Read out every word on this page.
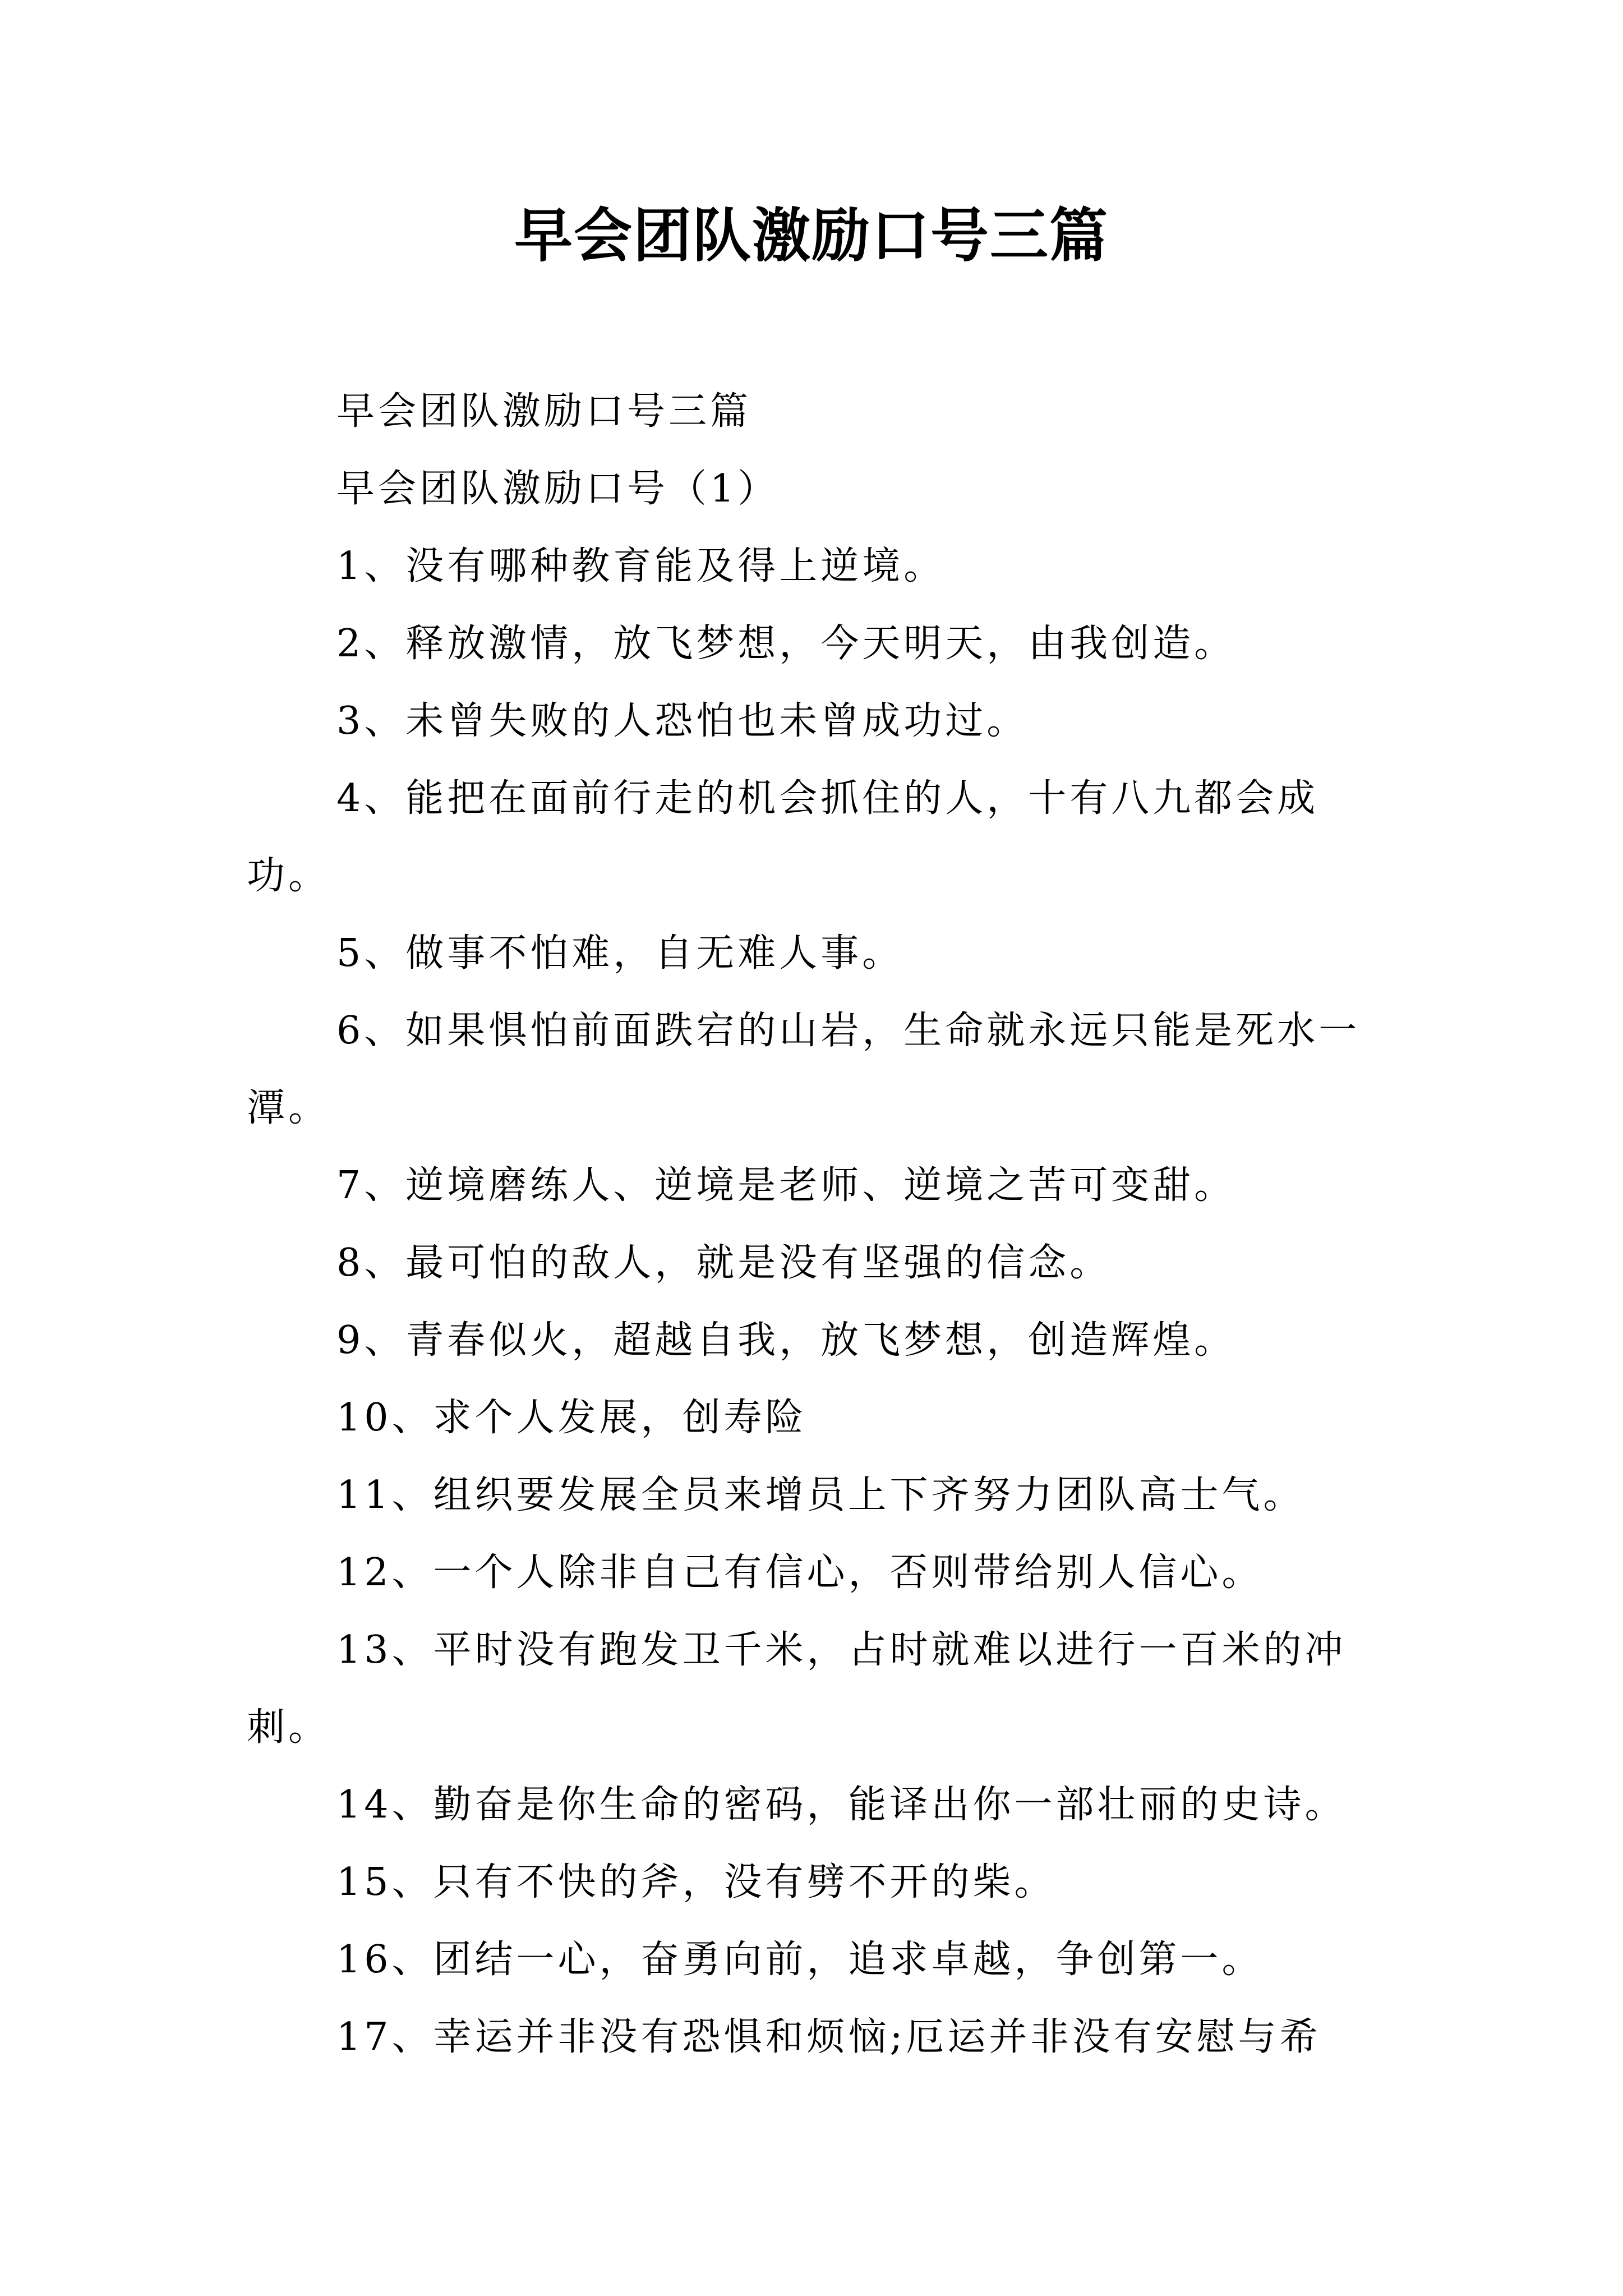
早会团队激励口号三篇

早会团队激励口号三篇

早会团队激励口号（1）

1、没有哪种教育能及得上逆境。

2、释放激情，放飞梦想，今天明天，由我创造。

3、未曾失败的人恐怕也未曾成功过。

4、能把在面前行走的机会抓住的人，十有八九都会成功。

5、做事不怕难，自无难人事。

6、如果惧怕前面跌宕的山岩，生命就永远只能是死水一潭。

7、逆境磨练人、逆境是老师、逆境之苦可变甜。

8、最可怕的敌人，就是没有坚强的信念。

9、青春似火，超越自我，放飞梦想，创造辉煌。

10、求个人发展，创寿险

11、组织要发展全员来增员上下齐努力团队高士气。

12、一个人除非自己有信心，否则带给别人信心。

13、平时没有跑发卫千米，占时就难以进行一百米的冲刺。

14、勤奋是你生命的密码，能译出你一部壮丽的史诗。

15、只有不快的斧，没有劈不开的柴。

16、团结一心，奋勇向前，追求卓越，争创第一。

17、幸运并非没有恐惧和烦恼;厄运并非没有安慰与希
